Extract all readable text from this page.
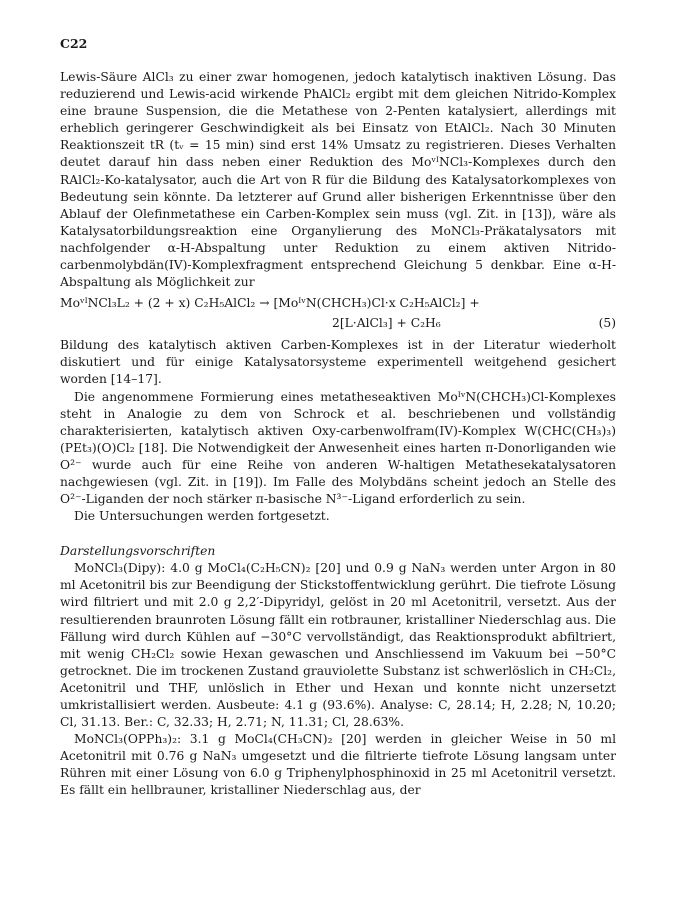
C22

Lewis-Säure AlCl₃ zu einer zwar homogenen, jedoch katalytisch inaktiven Lösung. Das reduzierend und Lewis-acid wirkende PhAlCl₂ ergibt mit dem gleichen Nitrido-Komplex eine braune Suspension, die die Metathese von 2-Penten katalysiert, allerdings mit erheblich geringerer Geschwindigkeit als bei Einsatz von EtAlCl₂. Nach 30 Minuten Reaktionszeit tR (tᵥ = 15 min) sind erst 14% Umsatz zu registrieren. Dieses Verhalten deutet darauf hin dass neben einer Reduktion des MoᵛᴵNCl₃-Komplexes durch den RAlCl₂-Ko-katalysator, auch die Art von R für die Bildung des Katalysatorkomplexes von Bedeutung sein könnte. Da letzterer auf Grund aller bisherigen Erkenntnisse über den Ablauf der Olefinmetathese ein Carben-Komplex sein muss (vgl. Zit. in [13]), wäre als Katalysatorbildungsreaktion eine Organylierung des MoNCl₃-Präkatalysators mit nachfolgender α-H-Abspaltung unter Reduktion zu einem aktiven Nitrido-carbenmolybdän(IV)-Komplexfragment entsprechend Gleichung 5 denkbar. Eine α-H-Abspaltung als Möglichkeit zur

MoᵛᴵNCl₃L₂ + (2 + x) C₂H₅AlCl₂ → [MoᴵᵛN(CHCH₃)Cl·x C₂H₅AlCl₂] +
2[L·AlCl₃] + C₂H₆	(5)

Bildung des katalytisch aktiven Carben-Komplexes ist in der Literatur wiederholt diskutiert und für einige Katalysatorsysteme experimentell weitgehend gesichert worden [14–17].

Die angenommene Formierung eines metatheseaktiven MoᴵᵛN(CHCH₃)Cl-Komplexes steht in Analogie zu dem von Schrock et al. beschriebenen und vollständig charakterisierten, katalytisch aktiven Oxy-carbenwolfram(IV)-Komplex W(CHC(CH₃)₃)(PEt₃)(O)Cl₂ [18]. Die Notwendigkeit der Anwesenheit eines harten π-Donorliganden wie O²⁻ wurde auch für eine Reihe von anderen W-haltigen Metathesekatalysatoren nachgewiesen (vgl. Zit. in [19]). Im Falle des Molybdäns scheint jedoch an Stelle des O²⁻-Liganden der noch stärker π-basische N³⁻-Ligand erforderlich zu sein.

Die Untersuchungen werden fortgesetzt.

Darstellungsvorschriften

MoNCl₃(Dipy): 4.0 g MoCl₄(C₂H₅CN)₂ [20] und 0.9 g NaN₃ werden unter Argon in 80 ml Acetonitril bis zur Beendigung der Stickstoffentwicklung gerührt. Die tiefrote Lösung wird filtriert und mit 2.0 g 2,2′-Dipyridyl, gelöst in 20 ml Acetonitril, versetzt. Aus der resultierenden braunroten Lösung fällt ein rotbrauner, kristalliner Niederschlag aus. Die Fällung wird durch Kühlen auf −30°C vervollständigt, das Reaktionsprodukt abfiltriert, mit wenig CH₂Cl₂ sowie Hexan gewaschen und Anschliessend im Vakuum bei −50°C getrocknet. Die im trockenen Zustand grauviolette Substanz ist schwerlöslich in CH₂Cl₂, Acetonitril und THF, unlöslich in Ether und Hexan und konnte nicht unzersetzt umkristallisiert werden. Ausbeute: 4.1 g (93.6%). Analyse: C, 28.14; H, 2.28; N, 10.20; Cl, 31.13. Ber.: C, 32.33; H, 2.71; N, 11.31; Cl, 28.63%.

MoNCl₃(OPPh₃)₂: 3.1 g MoCl₄(CH₃CN)₂ [20] werden in gleicher Weise in 50 ml Acetonitril mit 0.76 g NaN₃ umgesetzt und die filtrierte tiefrote Lösung langsam unter Rühren mit einer Lösung von 6.0 g Triphenylphosphinoxid in 25 ml Acetonitril versetzt. Es fällt ein hellbrauner, kristalliner Niederschlag aus, der
